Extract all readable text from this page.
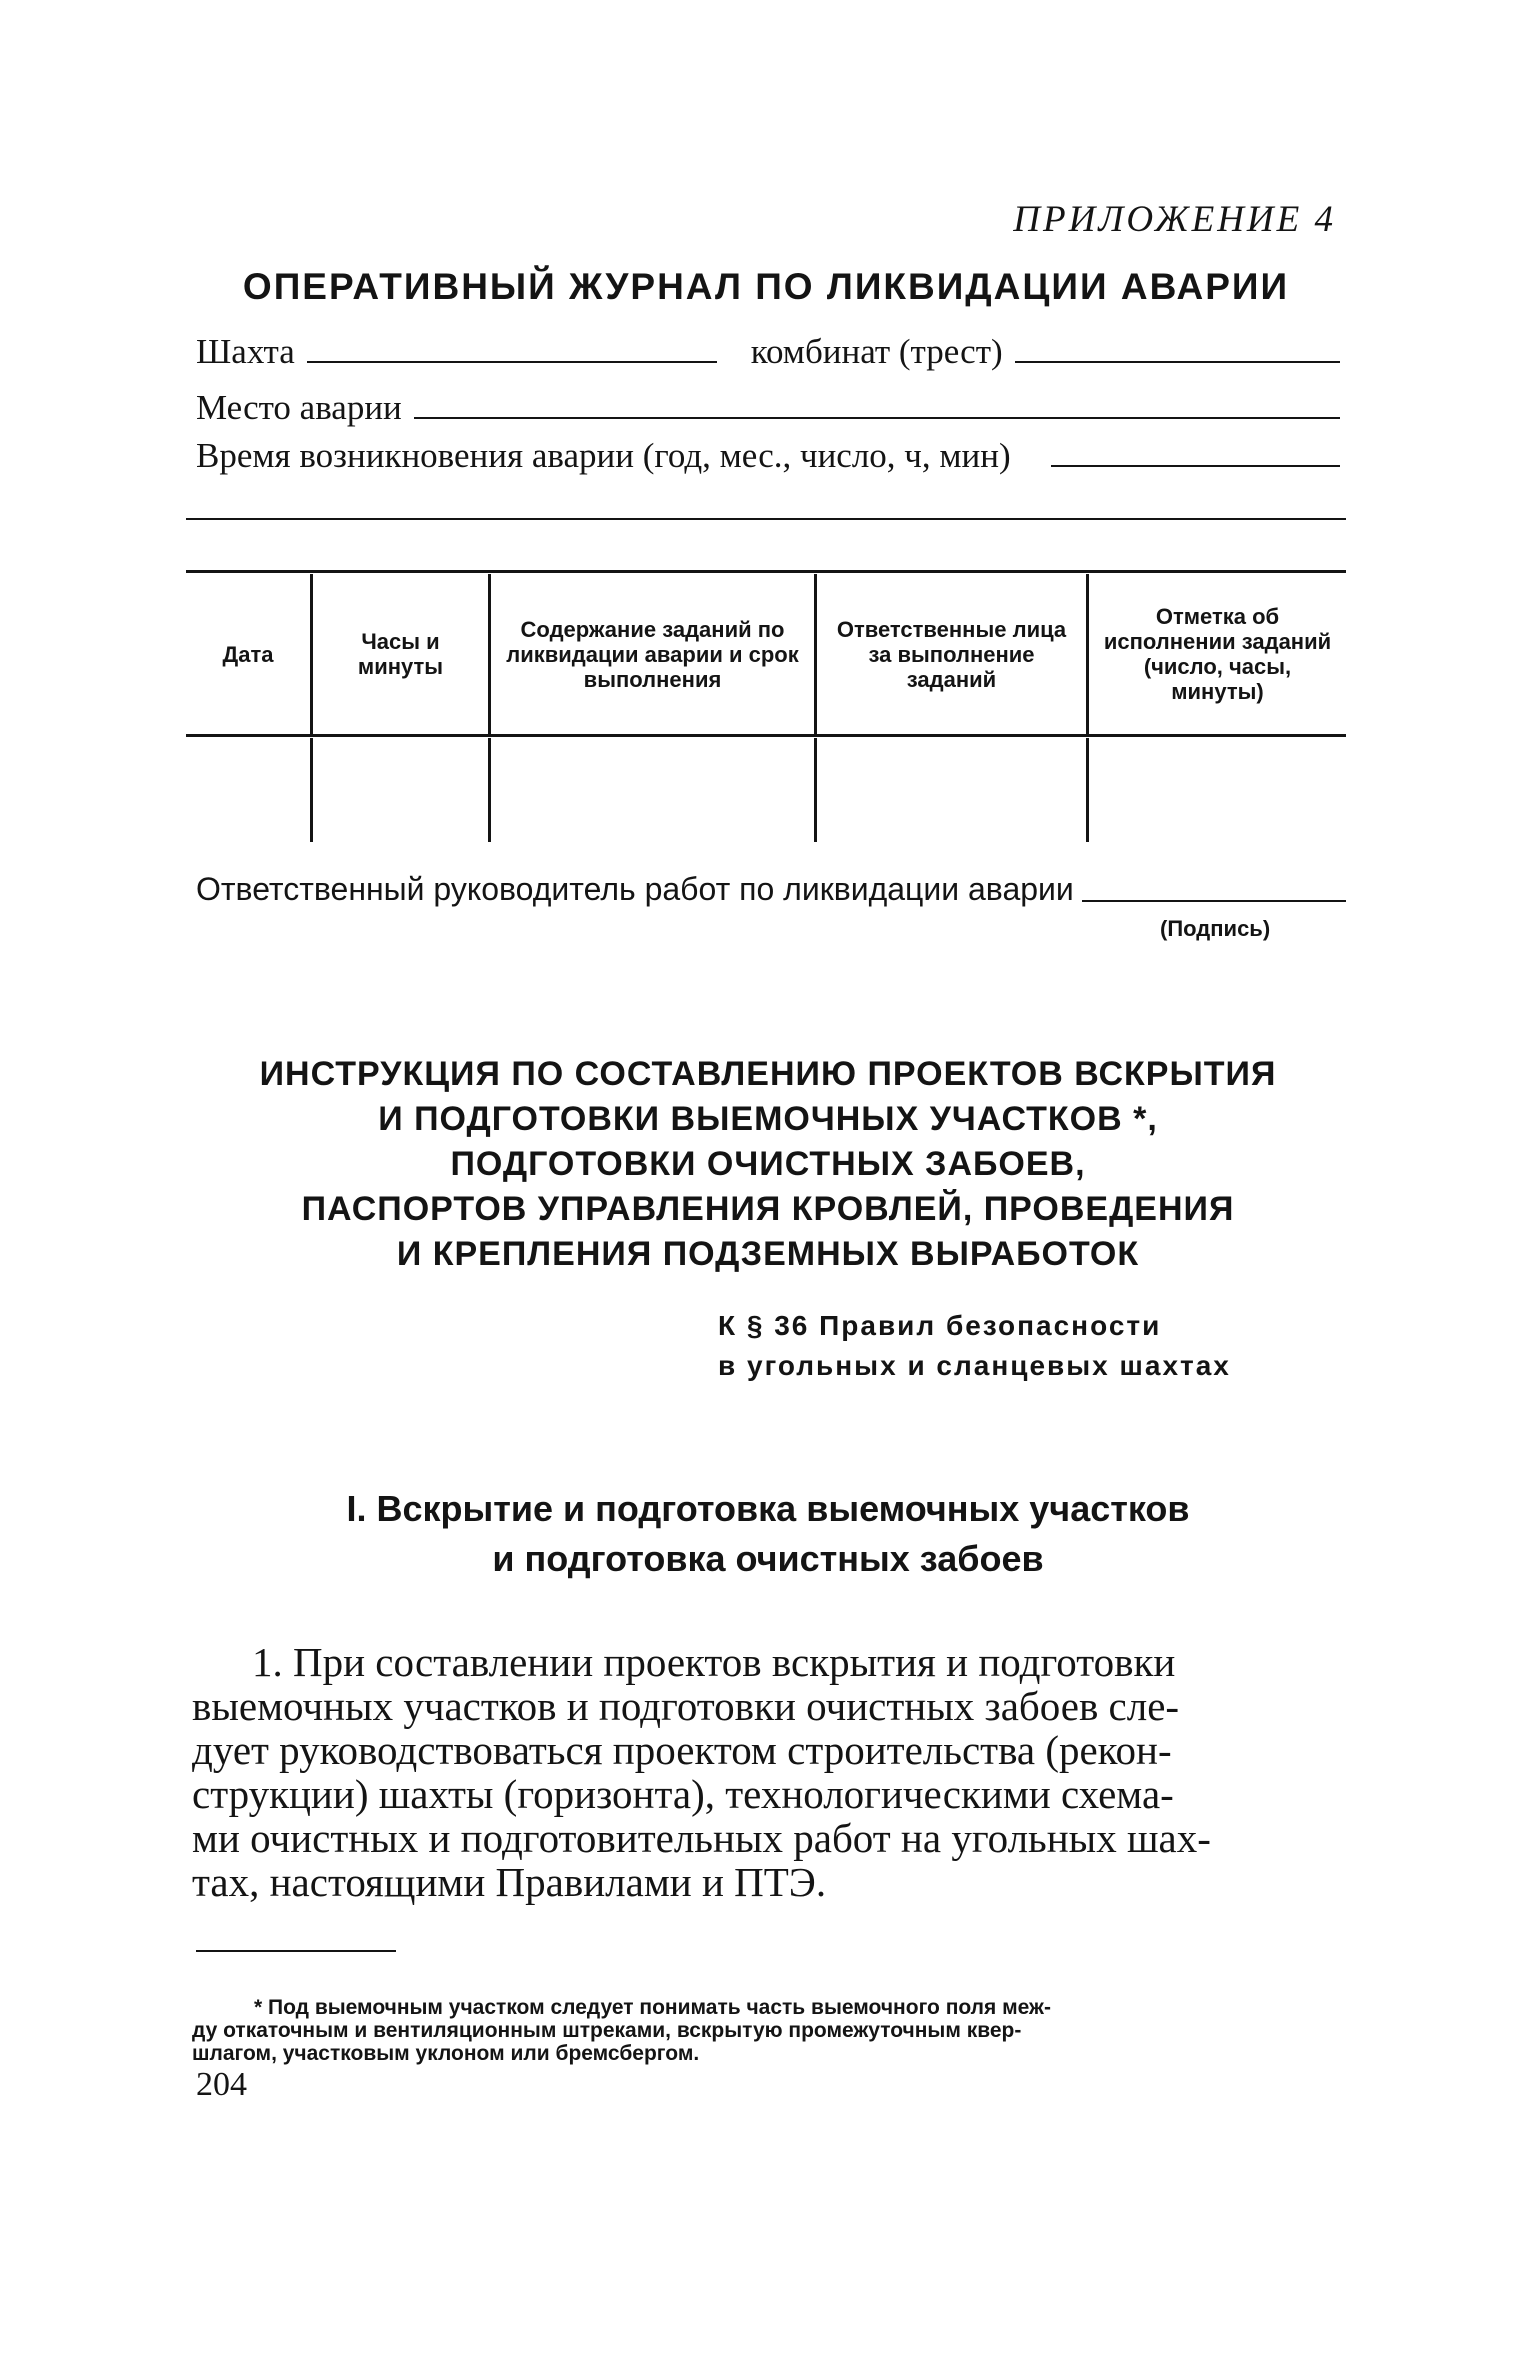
ПРИЛОЖЕНИЕ 4
ОПЕРАТИВНЫЙ ЖУРНАЛ ПО ЛИКВИДАЦИИ АВАРИИ
Шахта	комбинат (трест)
Место аварии
Время возникновения аварии (год, мес., число, ч, мин)
Дата	Часы и минуты
Содержание заданий по ликвидации аварии и срок выполнения
Ответственные лица за выполнение заданий
Отметка об исполнении заданий (число, часы, минуты)
Ответственный руководитель работ по ликвидации аварии
(Подпись)
ИНСТРУКЦИЯ ПО СОСТАВЛЕНИЮ ПРОЕКТОВ ВСКРЫТИЯ
И ПОДГОТОВКИ ВЫЕМОЧНЫХ УЧАСТКОВ *,
ПОДГОТОВКИ ОЧИСТНЫХ ЗАБОЕВ,
ПАСПОРТОВ УПРАВЛЕНИЯ КРОВЛЕЙ, ПРОВЕДЕНИЯ
И КРЕПЛЕНИЯ ПОДЗЕМНЫХ ВЫРАБОТОК
К § 36 Правил безопасности
в угольных и сланцевых шахтах
I. Вскрытие и подготовка выемочных участков
и подготовка очистных забоев
1. При составлении проектов вскрытия и подготовки
выемочных участков и подготовки очистных забоев сле-
дует руководствоваться проектом строительства (рекон-
струкции) шахты (горизонта), технологическими схема-
ми очистных и подготовительных работ на угольных шах-
тах, настоящими Правилами и ПТЭ.
* Под выемочным участком следует понимать часть выемочного поля меж-
ду откаточным и вентиляционным штреками, вскрытую промежуточным квер-
шлагом, участковым уклоном или бремсбергом.
204
